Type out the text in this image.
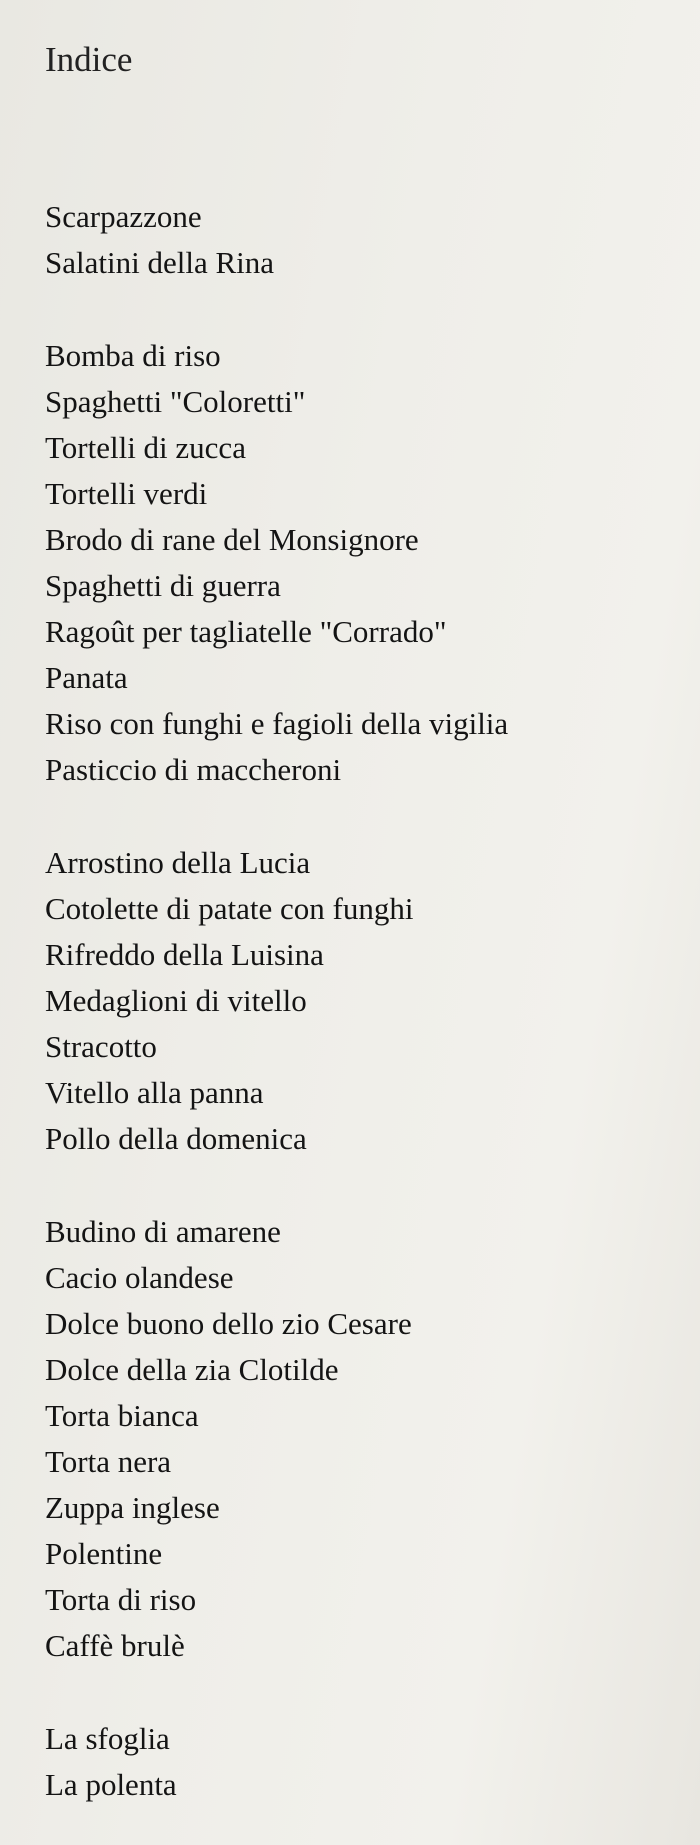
Indice
Scarpazzone
Salatini della Rina
Bomba di riso
Spaghetti "Coloretti"
Tortelli di zucca
Tortelli verdi
Brodo di rane del Monsignore
Spaghetti di guerra
Ragoût per tagliatelle "Corrado"
Panata
Riso con funghi e fagioli della vigilia
Pasticcio di maccheroni
Arrostino della Lucia
Cotolette di patate con funghi
Rifreddo della Luisina
Medaglioni di vitello
Stracotto
Vitello alla panna
Pollo della domenica
Budino di amarene
Cacio olandese
Dolce buono dello zio Cesare
Dolce della zia Clotilde
Torta bianca
Torta nera
Zuppa inglese
Polentine
Torta di riso
Caffè brulè
La sfoglia
La polenta
